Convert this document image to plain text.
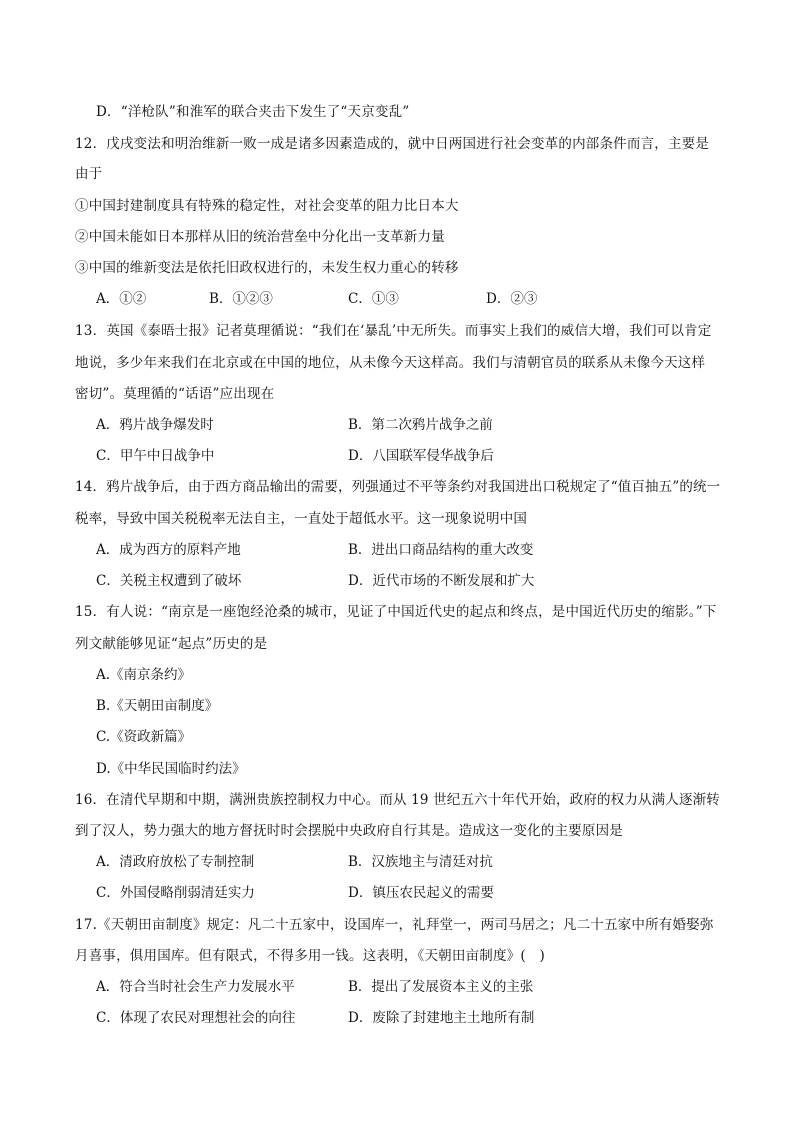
D．“洋枪队”和淮军的联合夹击下发生了“天京变乱”
12．戊戌变法和明治维新一败一成是诸多因素造成的，就中日两国进行社会变革的内部条件而言，主要是
由于
①中国封建制度具有特殊的稳定性，对社会变革的阻力比日本大
②中国未能如日本那样从旧的统治营垒中分化出一支革新力量
③中国的维新变法是依托旧政权进行的，未发生权力重心的转移
A．①②	B．①②③	C．①③	D．②③
13．英国《泰晤士报》记者莫理循说：“我们在‘暴乱’中无所失。而事实上我们的威信大增，我们可以肯定
地说，多少年来我们在北京或在中国的地位，从未像今天这样高。我们与清朝官员的联系从未像今天这样
密切”。莫理循的“话语”应出现在
A．鸦片战争爆发时	B．第二次鸦片战争之前
C．甲午中日战争中	D．八国联军侵华战争后
14．鸦片战争后，由于西方商品输出的需要，列强通过不平等条约对我国进出口税规定了“值百抽五”的统一
税率，导致中国关税税率无法自主，一直处于超低水平。这一现象说明中国
A．成为西方的原料产地	B．进出口商品结构的重大改变
C．关税主权遭到了破坏	D．近代市场的不断发展和扩大
15．有人说：“南京是一座饱经沧桑的城市，见证了中国近代史的起点和终点，是中国近代历史的缩影。”下
列文献能够见证“起点”历史的是
A.《南京条约》
B.《天朝田亩制度》
C.《资政新篇》
D.《中华民国临时约法》
16．在清代早期和中期，满洲贵族控制权力中心。而从 19 世纪五六十年代开始，政府的权力从满人逐渐转
到了汉人，势力强大的地方督抚时时会摆脱中央政府自行其是。造成这一变化的主要原因是
A．清政府放松了专制控制	B．汉族地主与清廷对抗
C．外国侵略削弱清廷实力	D．镇压农民起义的需要
17.《天朝田亩制度》规定：凡二十五家中，设国库一，礼拜堂一，两司马居之；凡二十五家中所有婚娶弥
月喜事，俱用国库。但有限式，不得多用一钱。这表明，《天朝田亩制度》(　)
A．符合当时社会生产力发展水平	B．提出了发展资本主义的主张
C．体现了农民对理想社会的向往	D．废除了封建地主土地所有制
